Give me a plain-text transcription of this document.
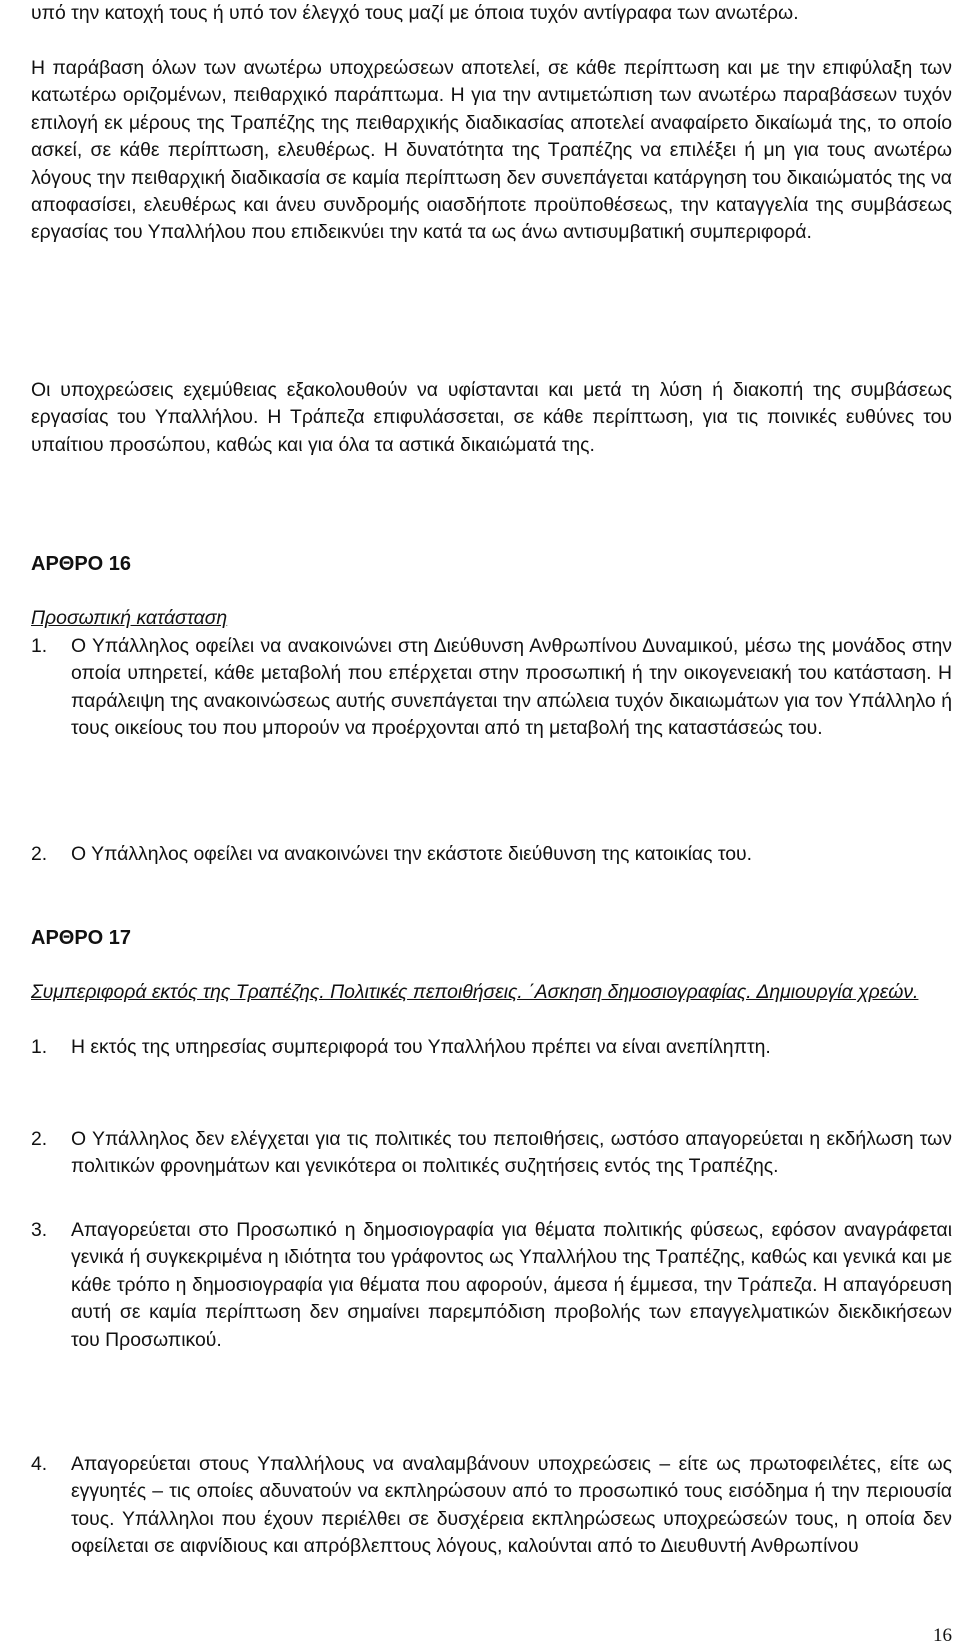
υπό την κατοχή τους ή υπό τον έλεγχό τους μαζί με όποια τυχόν αντίγραφα των ανωτέρω.

Η παράβαση όλων των ανωτέρω υποχρεώσεων αποτελεί, σε κάθε περίπτωση και με την επιφύλαξη των κατωτέρω οριζομένων, πειθαρχικό παράπτωμα. Η για την αντιμετώπιση των ανωτέρω παραβάσεων τυχόν επιλογή εκ μέρους της Τραπέζης της πειθαρχικής διαδικασίας αποτελεί αναφαίρετο δικαίωμά της, το οποίο ασκεί, σε κάθε περίπτωση, ελευθέρως. Η δυνατότητα της Τραπέζης να επιλέξει ή μη για τους ανωτέρω λόγους την πειθαρχική διαδικασία σε καμία περίπτωση δεν συνεπάγεται κατάργηση του δικαιώματός της να αποφασίσει, ελευθέρως και άνευ συνδρομής οιασδήποτε προϋποθέσεως, την καταγγελία της συμβάσεως εργασίας του Υπαλλήλου που επιδεικνύει την κατά τα ως άνω αντισυμβατική συμπεριφορά.

Οι υποχρεώσεις εχεμύθειας εξακολουθούν να υφίστανται και μετά τη λύση ή διακοπή της συμβάσεως εργασίας του Υπαλλήλου. Η Τράπεζα επιφυλάσσεται, σε κάθε περίπτωση, για τις ποινικές ευθύνες του υπαίτιου προσώπου, καθώς και για όλα τα αστικά δικαιώματά της.

ΑΡΘΡΟ 16

Προσωπική κατάσταση

1. Ο Υπάλληλος οφείλει να ανακοινώνει στη Διεύθυνση Ανθρωπίνου Δυναμικού, μέσω της μονάδος στην οποία υπηρετεί, κάθε μεταβολή που επέρχεται στην προσωπική ή την οικογενειακή του κατάσταση. Η παράλειψη της ανακοινώσεως αυτής συνεπάγεται την απώλεια τυχόν δικαιωμάτων για τον Υπάλληλο ή τους οικείους του που μπορούν να προέρχονται από τη μεταβολή της καταστάσεώς του.

2. Ο Υπάλληλος οφείλει να ανακοινώνει την εκάστοτε διεύθυνση της κατοικίας του.

ΑΡΘΡΟ 17

Συμπεριφορά εκτός της Τραπέζης. Πολιτικές πεποιθήσεις. ΄Ασκηση δημοσιογραφίας. Δημιουργία χρεών.

1. Η εκτός της υπηρεσίας συμπεριφορά του Υπαλλήλου πρέπει να είναι ανεπίληπτη.

2. Ο Υπάλληλος δεν ελέγχεται για τις πολιτικές του πεποιθήσεις, ωστόσο απαγορεύεται η εκδήλωση των πολιτικών φρονημάτων και γενικότερα οι πολιτικές συζητήσεις εντός της Τραπέζης.

3. Απαγορεύεται στο Προσωπικό η δημοσιογραφία για θέματα πολιτικής φύσεως, εφόσον αναγράφεται γενικά ή συγκεκριμένα η ιδιότητα του γράφοντος ως Υπαλλήλου της Τραπέζης, καθώς και γενικά και με κάθε τρόπο η δημοσιογραφία για θέματα που αφορούν, άμεσα ή έμμεσα, την Τράπεζα. Η απαγόρευση αυτή σε καμία περίπτωση δεν σημαίνει παρεμπόδιση προβολής των επαγγελματικών διεκδικήσεων του Προσωπικού.

4. Απαγορεύεται στους Υπαλλήλους να αναλαμβάνουν υποχρεώσεις – είτε ως πρωτοφειλέτες, είτε ως εγγυητές – τις οποίες αδυνατούν να εκπληρώσουν από το προσωπικό τους εισόδημα ή την περιουσία τους. Υπάλληλοι που έχουν περιέλθει σε δυσχέρεια εκπληρώσεως υποχρεώσεών τους, η οποία δεν οφείλεται σε αιφνίδιους και απρόβλεπτους λόγους, καλούνται από το Διευθυντή Ανθρωπίνου

16
